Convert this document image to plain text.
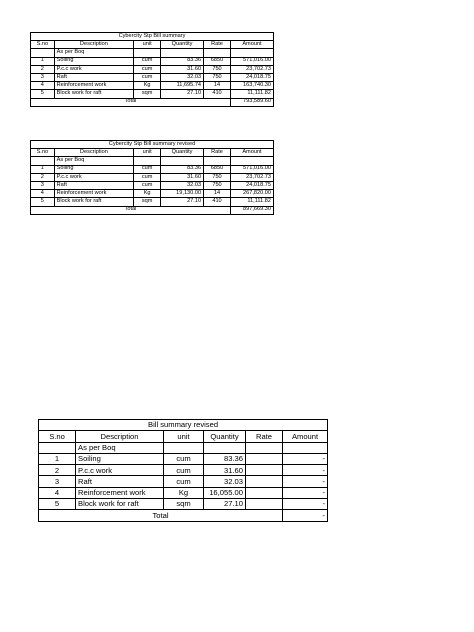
Cybercity Stp Bill summary					
S.no	Description	unit	Quantity	Rate	Amount
	As per Boq				
1	Soiling	cum	83.36	6850	571,016.00
2	P.c.c work	cum	31.60	750	23,702.73
3	Raft	cum	32.03	750	24,018.75
4	Reinforcement work	Kg	11,695.74	14	163,740.30
5	Block work for raft	sqm	27.10	410	11,111.82
Total					793,589.60
Cybercity Stp Bill summary revised					
S.no	Description	unit	Quantity	Rate	Amount
	As per Boq				
1	Soiling	cum	83.36	6850	571,016.00
2	P.c.c work	cum	31.60	750	23,702.73
3	Raft	cum	32.03	750	24,018.75
4	Reinforcement work	Kg	19,130.00	14	267,820.00
5	Block work for raft	sqm	27.10	410	11,111.82
Total					897,669.30
Bill summary revised					
S.no	Description	unit	Quantity	Rate	Amount
	As per Boq				
1	Soiling	cum	83.36		-
2	P.c.c work	cum	31.60		-
3	Raft	cum	32.03		-
4	Reinforcement work	Kg	16,055.00		-
5	Block work for raft	sqm	27.10		-
Total					-
